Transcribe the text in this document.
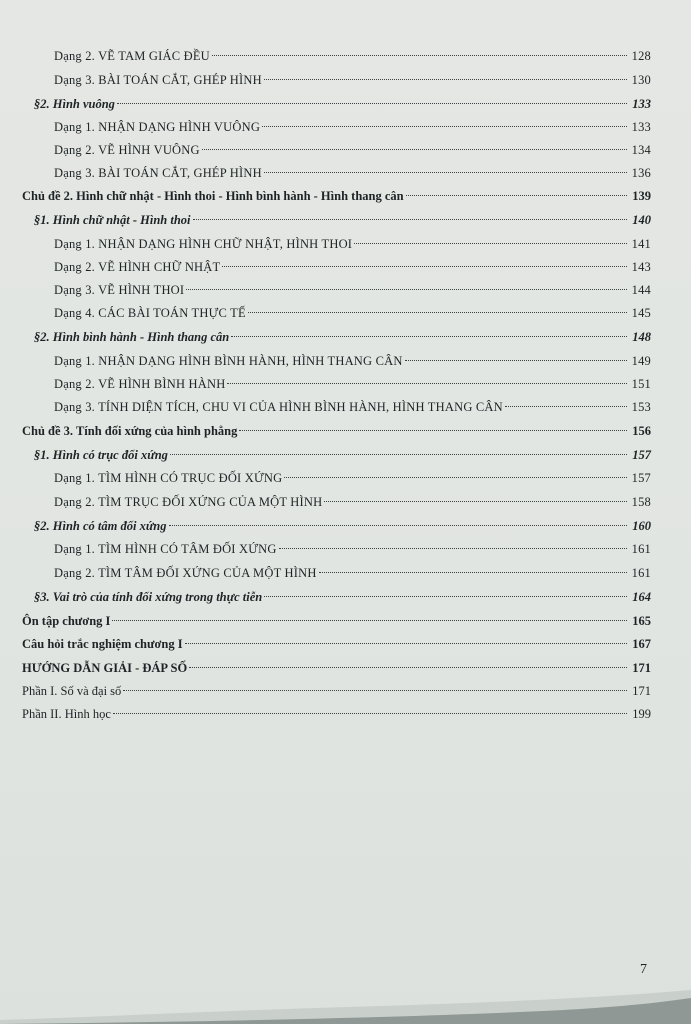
Dạng 2. VẼ TAM GIÁC ĐỀU	128
Dạng 3. BÀI TOÁN CẮT, GHÉP HÌNH	130
§2. Hình vuông	133
Dạng 1. NHẬN DẠNG HÌNH VUÔNG	133
Dạng 2. VẼ HÌNH VUÔNG	134
Dạng 3. BÀI TOÁN CẮT, GHÉP HÌNH	136
Chủ đề 2. Hình chữ nhật - Hình thoi - Hình bình hành - Hình thang cân	139
§1. Hình chữ nhật - Hình thoi	140
Dạng 1. NHẬN DẠNG HÌNH CHỮ NHẬT, HÌNH THOI	141
Dạng 2. VẼ HÌNH CHỮ NHẬT	143
Dạng 3. VẼ HÌNH THOI	144
Dạng 4. CÁC BÀI TOÁN THỰC TẾ	145
§2. Hình bình hành - Hình thang cân	148
Dạng 1. NHẬN DẠNG HÌNH BÌNH HÀNH, HÌNH THANG CÂN	149
Dạng 2. VẼ HÌNH BÌNH HÀNH	151
Dạng 3. TÍNH DIỆN TÍCH, CHU VI CỦA HÌNH BÌNH HÀNH, HÌNH THANG CÂN	153
Chủ đề 3. Tính đối xứng của hình phẳng	156
§1. Hình có trục đối xứng	157
Dạng 1. TÌM HÌNH CÓ TRỤC ĐỐI XỨNG	157
Dạng 2. TÌM TRỤC ĐỐI XỨNG CỦA MỘT HÌNH	158
§2. Hình có tâm đối xứng	160
Dạng 1. TÌM HÌNH CÓ TÂM ĐỐI XỨNG	161
Dạng 2. TÌM TÂM ĐỐI XỨNG CỦA MỘT HÌNH	161
§3. Vai trò của tính đối xứng trong thực tiễn	164
Ôn tập chương I	165
Câu hỏi trắc nghiệm chương I	167
HƯỚNG DẪN GIẢI - ĐÁP SỐ	171
Phần I. Số và đại số	171
Phần II. Hình học	199
7
